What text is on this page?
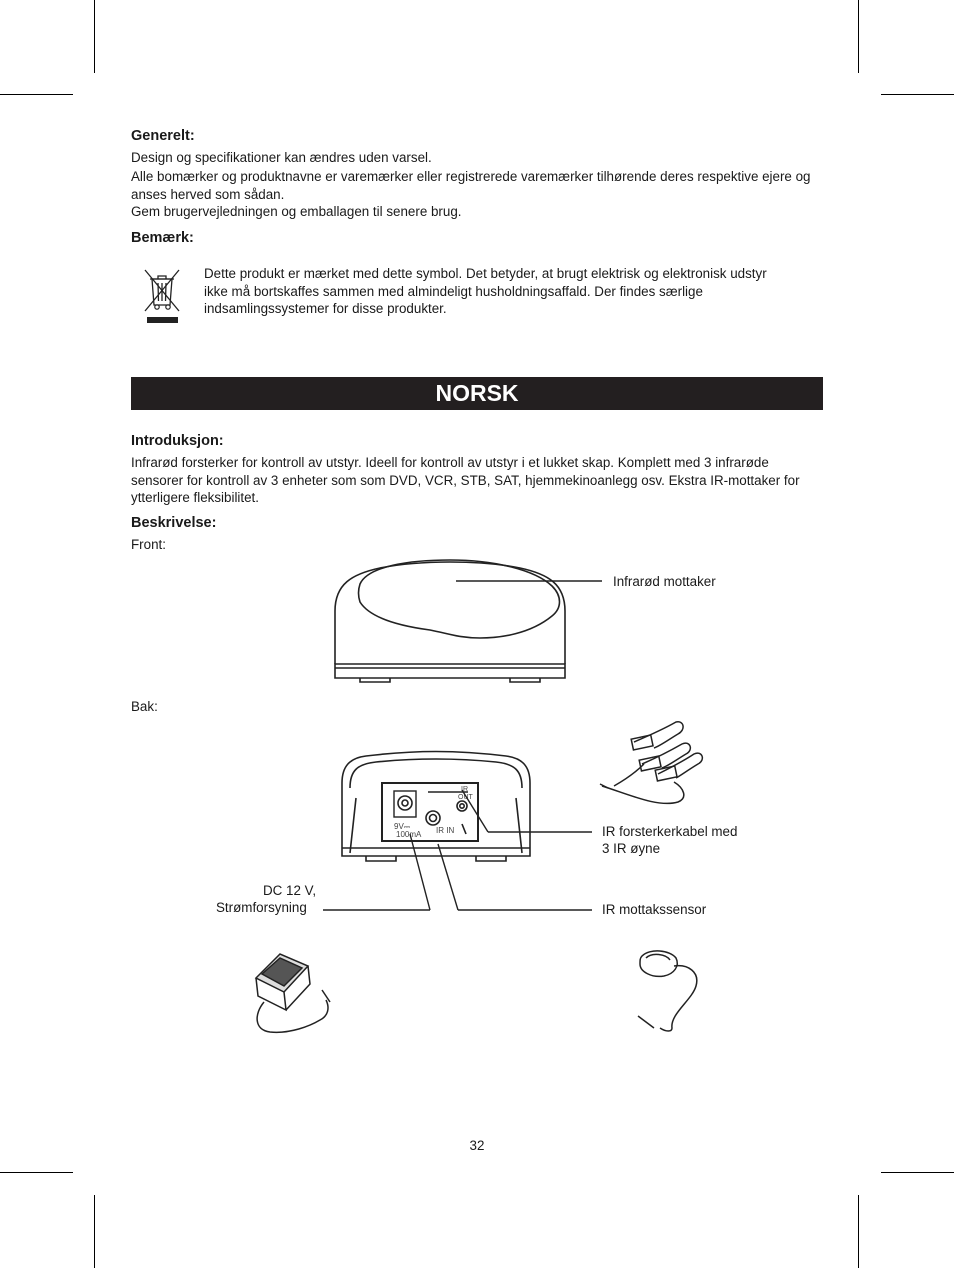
Generelt:

Design og specifikationer kan ændres uden varsel.

Alle bomærker og produktnavne er varemærker eller registrerede varemærker tilhørende deres respektive ejere og anses herved som sådan.

Gem brugervejledningen og emballagen til senere brug.

Bemærk:

Dette produkt er mærket med dette symbol. Det betyder, at brugt elektrisk og elektronisk udstyr ikke må bortskaffes sammen med almindeligt husholdningsaffald. Der findes særlige indsamlingssystemer for disse produkter.

NORSK

Introduksjon:

Infrarød forsterker for kontroll av utstyr. Ideell for kontroll av utstyr i et lukket skap. Komplett med 3 infrarøde sensorer for kontroll av 3 enheter som som DVD, VCR, STB, SAT, hjemmekinoanlegg osv. Ekstra IR-mottaker for ytterligere fleksibilitet.

Beskrivelse:

Front:
Infrarød mottaker
Bak:
9V⎓
100mA IR IN
IR
OUT
IR forsterkerkabel med
3 IR øyne
DC 12 V,
Strømforsyning	IR mottakssensor
32
